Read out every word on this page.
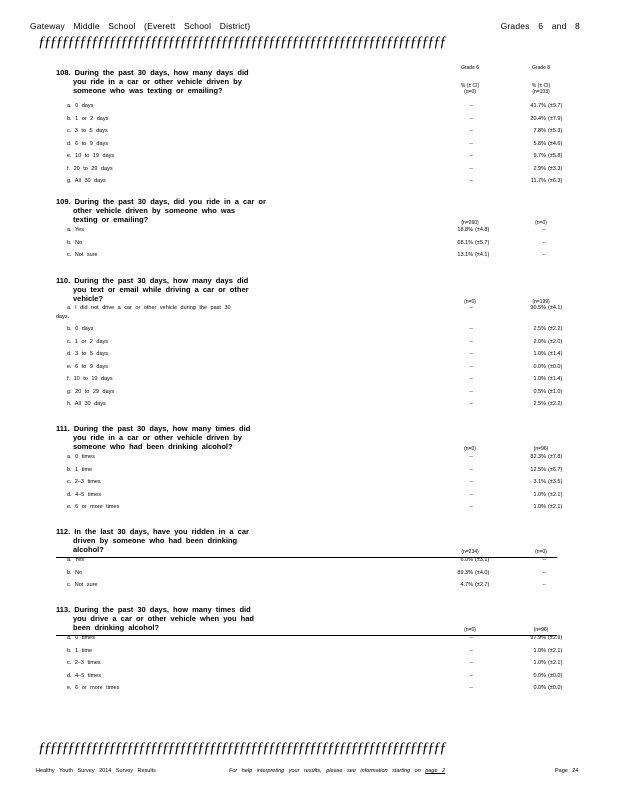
Gateway Middle School (Everett School District)	Grades 6 and 8
ƒƒƒƒƒƒƒƒƒƒƒƒƒƒƒƒƒƒƒƒƒƒƒƒƒƒƒƒƒƒƒƒƒƒƒƒƒƒƒƒƒƒƒƒƒƒƒƒƒƒƒƒƒƒƒƒƒƒƒƒƒƒƒƒƒƒƒƒƒ
Grade 6	Grade 8
% (± CI)	% (± CI)
(n=0)	(n=103)
108. During the past 30 days, how many days did
you ride in a car or other vehicle driven by
someone who was texting or emailing?
a. 0 days	--	41.7% (±9.7)
b. 1 or 2 days	--	20.4% (±7.9)
c. 3 to 5 days	--	7.8% (±5.3)
d. 6 to 9 days	--	5.8% (±4.6)
e. 10 to 19 days	--	9.7% (±5.8)
f. 20 to 29 days	--	2.9% (±3.3)
g. All 30 days	--	11.7% (±6.3)
(n=260)	(n=0)
109. During the past 30 days, did you ride in a car or
other vehicle driven by someone who was
texting or emailing?
a. Yes	18.8% (±4.8)	--
b. No	68.1% (±5.7)	--
c. Not sure	13.1% (±4.1)	--
(n=0)	(n=199)
110. During the past 30 days, how many days did
you text or email while driving a car or other
vehicle?
a. I did not drive a car or other vehicle during the past 30
days.
--	90.5% (±4.1)
b. 0 days	--	2.5% (±2.2)
c. 1 or 2 days	--	2.0% (±2.0)
d. 3 to 5 days	--	1.0% (±1.4)
e. 6 to 9 days	--	0.0% (±0.0)
f. 10 to 19 days	--	1.0% (±1.4)
g. 20 to 29 days	--	0.5% (±1.0)
h. All 30 days	--	2.5% (±2.2)
(n=0)	(n=96)
111. During the past 30 days, how many times did
you ride in a car or other vehicle driven by
someone who had been drinking alcohol?
a. 0 times	--	82.3% (±7.8)
b. 1 time	--	12.5% (±6.7)
c. 2–3 times	--	3.1% (±3.5)
d. 4–5 times	--	1.0% (±2.1)
e. 6 or more times	--	1.0% (±2.1)
(n=234)	(n=0)
112. In the last 30 days, have you ridden in a car
driven by someone who had been drinking
alcohol?
a. Yes	6.0% (±3.1)	--
b. No	89.3% (±4.0)	--
c. Not sure	4.7% (±2.7)	--
(n=0)	(n=96)
113. During the past 30 days, how many times did
you drive a car or other vehicle when you had
been drinking alcohol?
a. 0 times	--	97.9% (±2.9)
b. 1 time	--	1.0% (±2.1)
c. 2–3 times	--	1.0% (±2.1)
d. 4–5 times	--	0.0% (±0.0)
e. 6 or more times	--	0.0% (±0.0)
ƒƒƒƒƒƒƒƒƒƒƒƒƒƒƒƒƒƒƒƒƒƒƒƒƒƒƒƒƒƒƒƒƒƒƒƒƒƒƒƒƒƒƒƒƒƒƒƒƒƒƒƒƒƒƒƒƒƒƒƒƒƒƒƒƒƒƒƒƒ
Healthy Youth Survey 2014 Survey Results	For help interpreting your results, please see information starting on page 2	Page 24
